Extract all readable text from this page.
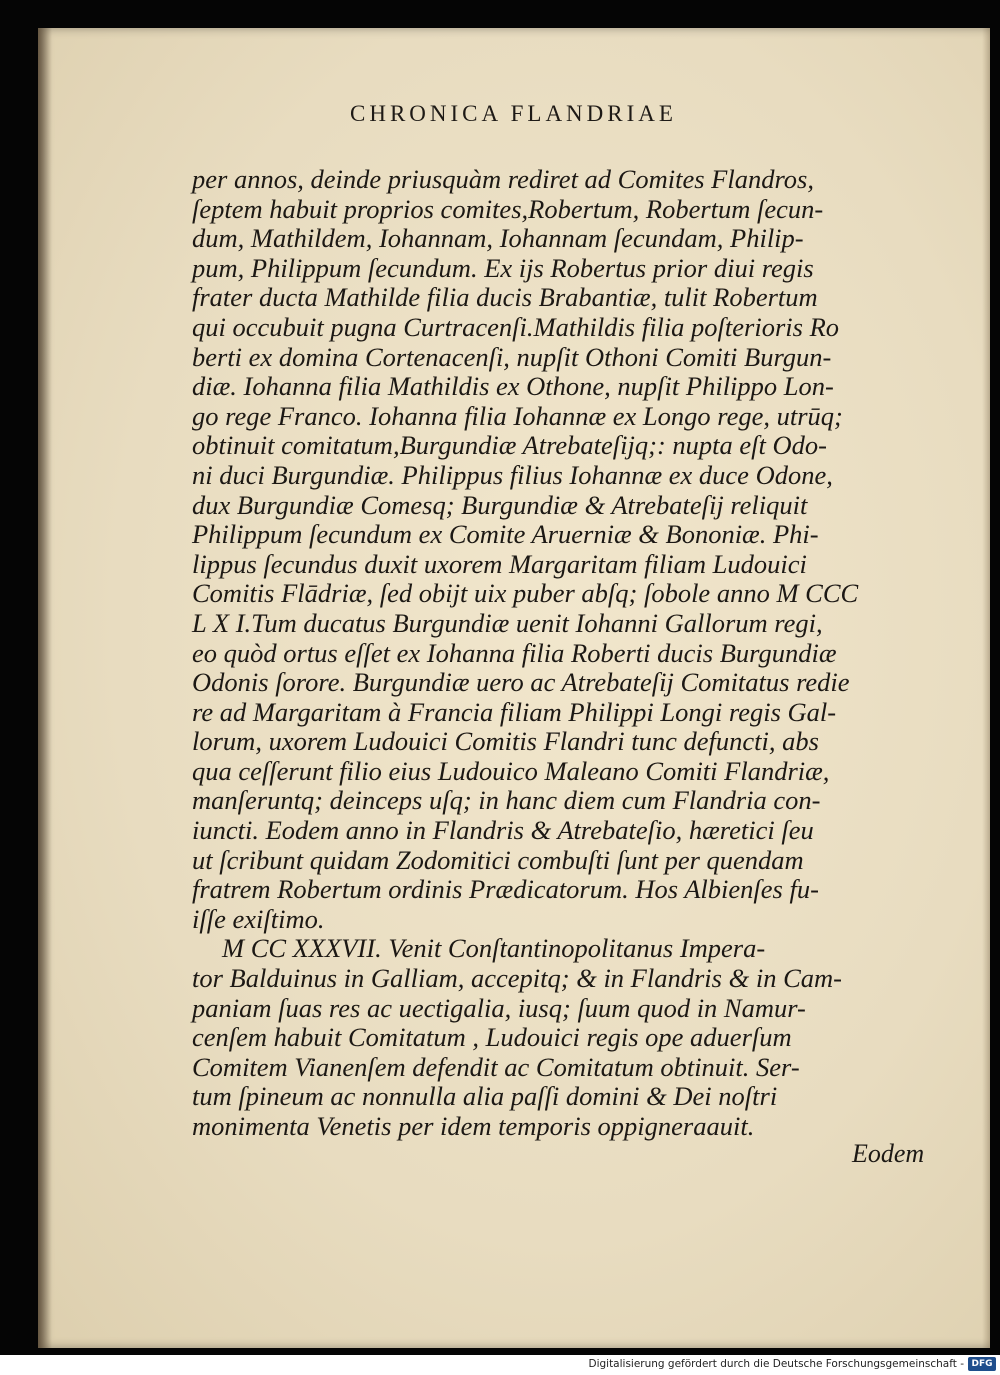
CHRONICA FLANDRIAE
per annos, deinde priusquàm rediret ad Comites Flandros,
ſeptem habuit proprios comites,Robertum, Robertum ſecun-
dum, Mathildem, Iohannam, Iohannam ſecundam, Philip-
pum, Philippum ſecundum. Ex ijs Robertus prior diui regis
frater ducta Mathilde filia ducis Brabantiæ, tulit Robertum
qui occubuit pugna Curtracenſi.Mathildis filia poſterioris Ro
berti ex domina Cortenacenſi, nupſit Othoni Comiti Burgun-
diæ. Iohanna filia Mathildis ex Othone, nupſit Philippo Lon-
go rege Franco. Iohanna filia Iohannæ ex Longo rege, utrūq;
obtinuit comitatum,Burgundiæ Atrebateſijq;: nupta eſt Odo-
ni duci Burgundiæ. Philippus filius Iohannæ ex duce Odone,
dux Burgundiæ Comesq; Burgundiæ & Atrebateſij reliquit
Philippum ſecundum ex Comite Aruerniæ & Bononiæ. Phi-
lippus ſecundus duxit uxorem Margaritam filiam Ludouici
Comitis Flādriæ, ſed obijt uix puber abſq; ſobole anno M CCC
L X I.Tum ducatus Burgundiæ uenit Iohanni Gallorum regi,
eo quòd ortus eſſet ex Iohanna filia Roberti ducis Burgundiæ
Odonis ſorore. Burgundiæ uero ac Atrebateſij Comitatus redie
re ad Margaritam à Francia filiam Philippi Longi regis Gal-
lorum, uxorem Ludouici Comitis Flandri tunc defuncti, abs
qua ceſſerunt filio eius Ludouico Maleano Comiti Flandriæ,
manſeruntq; deinceps uſq; in hanc diem cum Flandria con-
iuncti. Eodem anno in Flandris & Atrebateſio, hæretici ſeu
ut ſcribunt quidam Zodomitici combuſti ſunt per quendam
fratrem Robertum ordinis Prædicatorum. Hos Albienſes fu-
iſſe exiſtimo.
M CC XXXVII. Venit Conſtantinopolitanus Impera-
tor Balduinus in Galliam, accepitq; & in Flandris & in Cam-
paniam ſuas res ac uectigalia, iusq; ſuum quod in Namur-
cenſem habuit Comitatum , Ludouici regis ope aduerſum
Comitem Vianenſem defendit ac Comitatum obtinuit. Ser-
tum ſpineum ac nonnulla alia paſſi domini & Dei noſtri
monimenta Venetis per idem temporis oppigneraauit.
Eodem
Digitalisierung gefördert durch die Deutsche Forschungsgemeinschaft - DFG
